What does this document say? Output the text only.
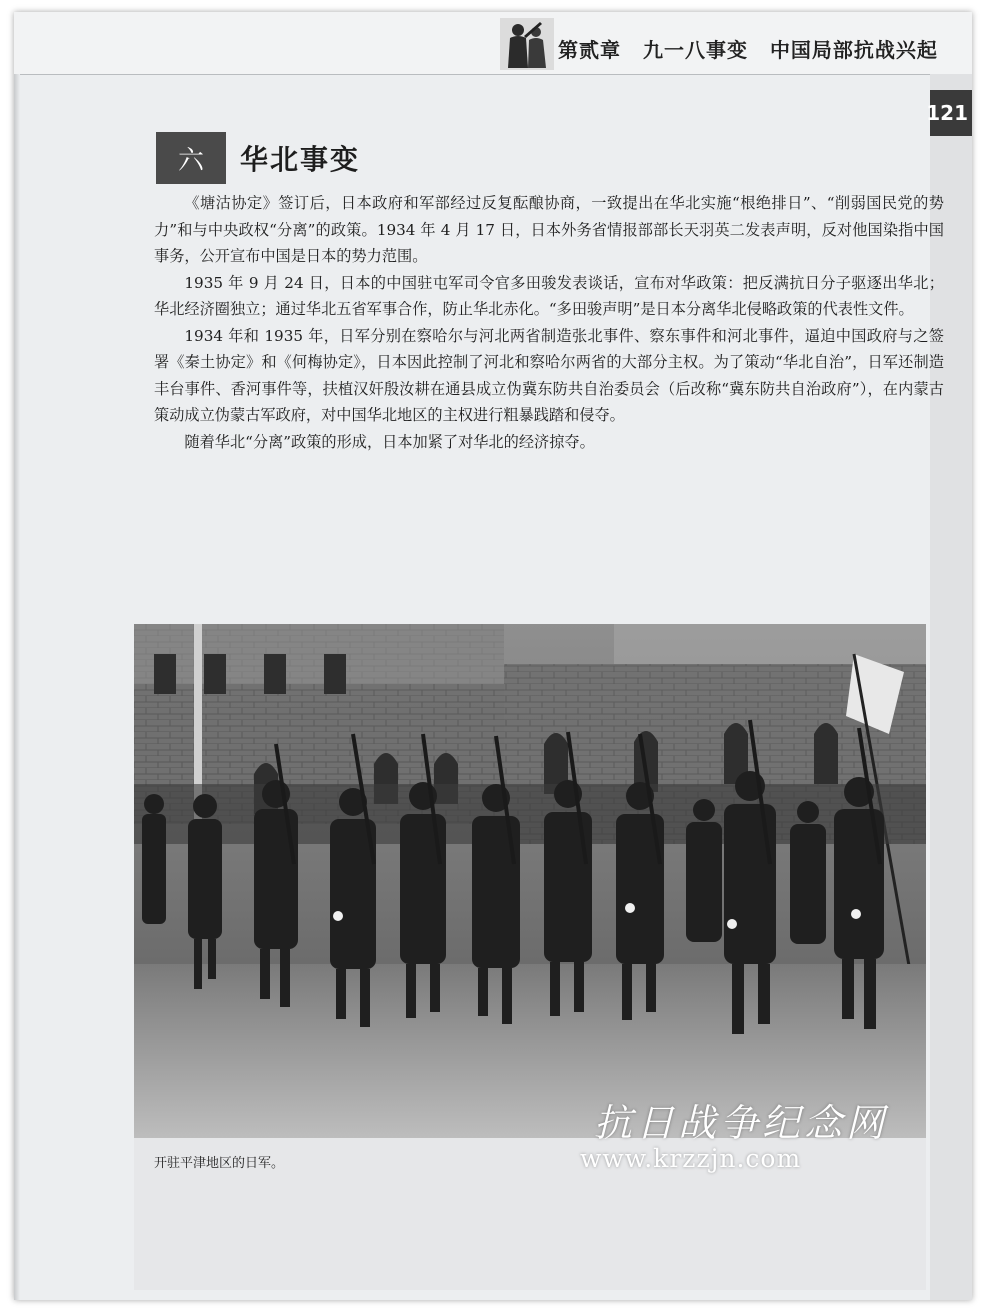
第贰章 九一八事变 中国局部抗战兴起
121
六	华北事变

《塘沽协定》签订后，日本政府和军部经过反复酝酿协商，一致提出在华北实施“根绝排日”、“削弱国民党的势力”和与中央政权“分离”的政策。1934 年 4 月 17 日，日本外务省情报部部长天羽英二发表声明，反对他国染指中国事务，公开宣布中国是日本的势力范围。

1935 年 9 月 24 日，日本的中国驻屯军司令官多田骏发表谈话，宣布对华政策：把反满抗日分子驱逐出华北；华北经济圈独立；通过华北五省军事合作，防止华北赤化。“多田骏声明”是日本分离华北侵略政策的代表性文件。

1934 年和 1935 年，日军分别在察哈尔与河北两省制造张北事件、察东事件和河北事件，逼迫中国政府与之签署《秦土协定》和《何梅协定》，日本因此控制了河北和察哈尔两省的大部分主权。为了策动“华北自治”，日军还制造丰台事件、香河事件等，扶植汉奸殷汝耕在通县成立伪冀东防共自治委员会（后改称“冀东防共自治政府”），在内蒙古策动成立伪蒙古军政府，对中国华北地区的主权进行粗暴践踏和侵夺。

随着华北“分离”政策的形成，日本加紧了对华北的经济掠夺。

开驻平津地区的日军。
抗日战争纪念网
www.krzzjn.com
